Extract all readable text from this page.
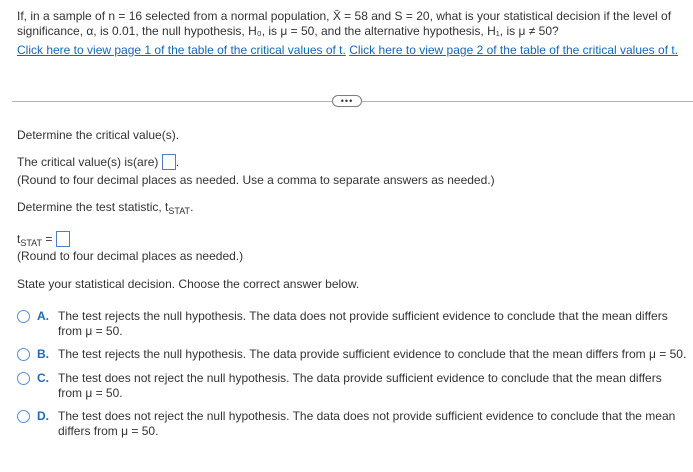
If, in a sample of n = 16 selected from a normal population, X̄ = 58 and S = 20, what is your statistical decision if the level of
significance, α, is 0.01, the null hypothesis, H₀, is μ = 50, and the alternative hypothesis, H₁, is μ ≠ 50?
Click here to view page 1 of the table of the critical values of t. Click here to view page 2 of the table of the critical values of t.
•••
Determine the critical value(s).
The critical value(s) is(are) .
(Round to four decimal places as needed. Use a comma to separate answers as needed.)
Determine the test statistic, $t_{STAT}$.
$t_{STAT}$ =
(Round to four decimal places as needed.)
State your statistical decision. Choose the correct answer below.
A. The test rejects the null hypothesis. The data does not provide sufficient evidence to conclude that the mean differs
from μ = 50.
B. The test rejects the null hypothesis. The data provide sufficient evidence to conclude that the mean differs from μ = 50.
C. The test does not reject the null hypothesis. The data provide sufficient evidence to conclude that the mean differs
from μ = 50.
D. The test does not reject the null hypothesis. The data does not provide sufficient evidence to conclude that the mean
differs from μ = 50.
